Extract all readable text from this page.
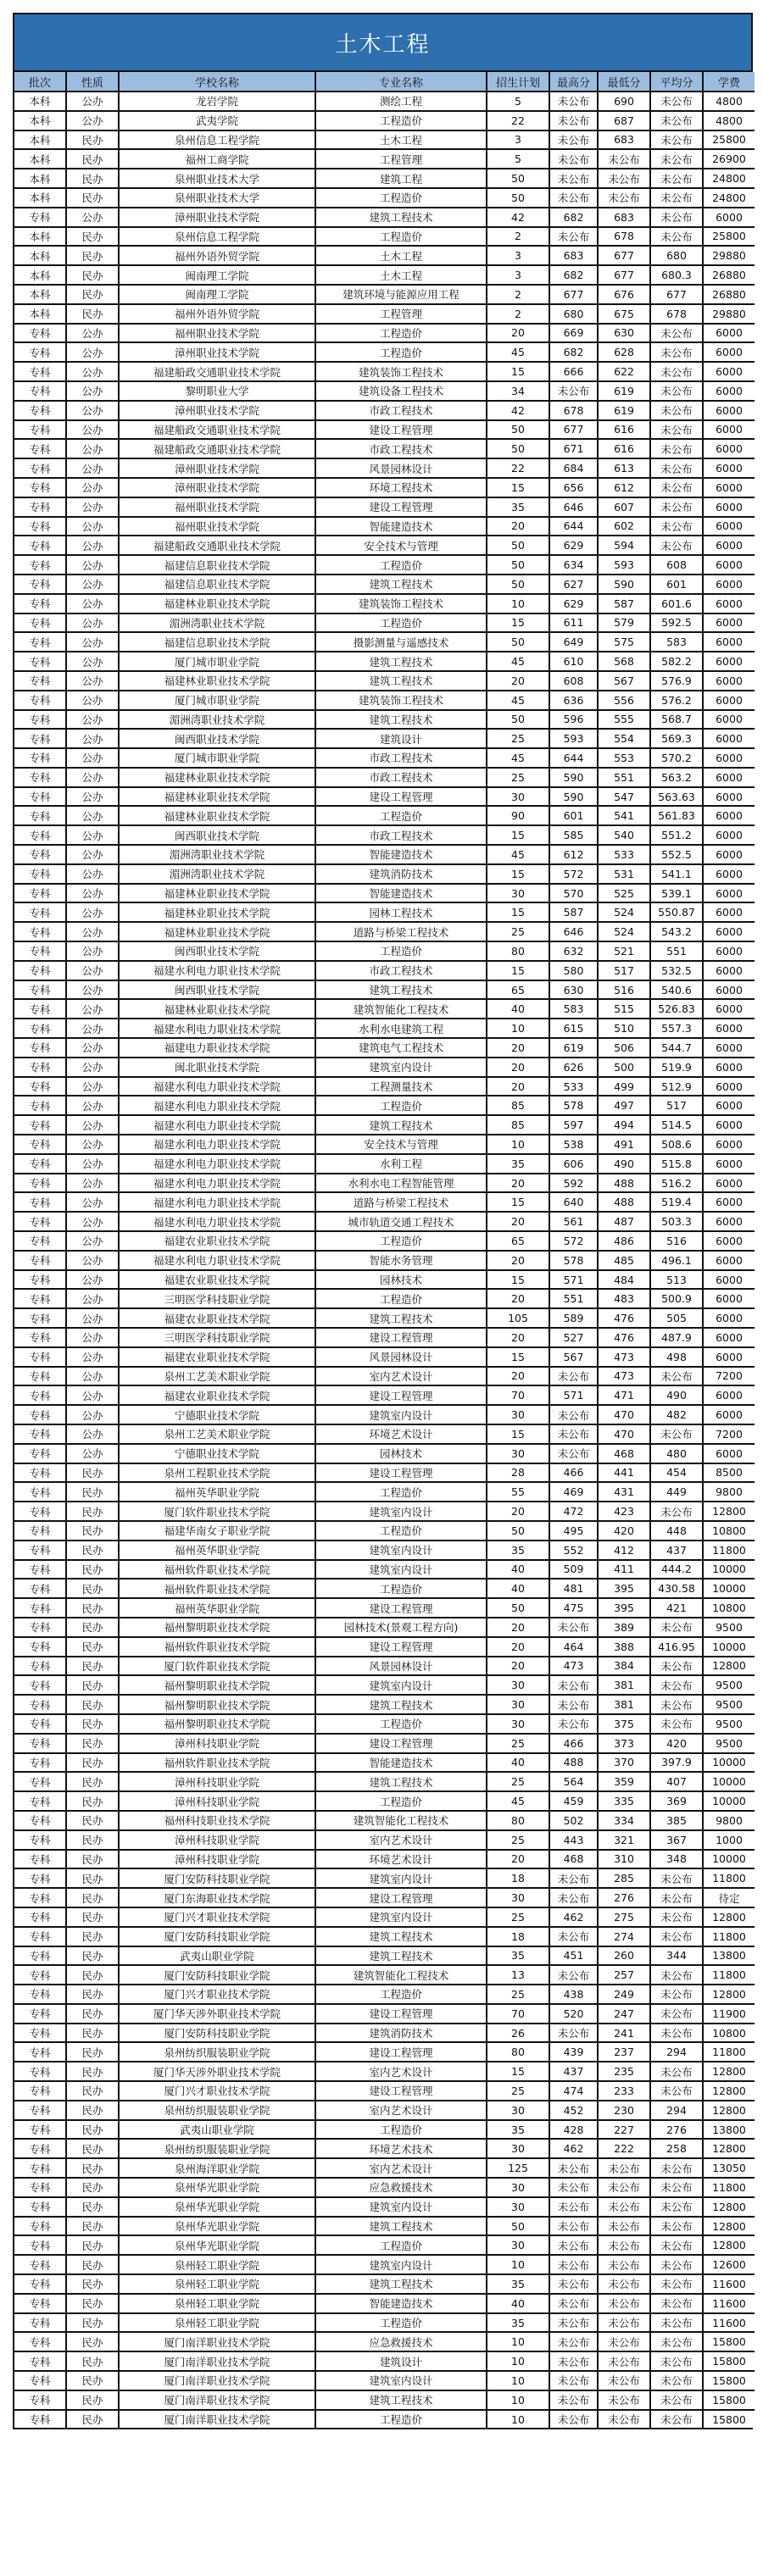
土木工程
批次	性质	学校名称	专业名称	招生计划	最高分	最低分	平均分	学费
本科	公办	龙岩学院	测绘工程	5	未公布	690	未公布	4800
本科	公办	武夷学院	工程造价	22	未公布	687	未公布	4800
本科	民办	泉州信息工程学院	土木工程	3	未公布	683	未公布	25800
本科	民办	福州工商学院	工程管理	5	未公布	未公布	未公布	26900
本科	民办	泉州职业技术大学	建筑工程	50	未公布	未公布	未公布	24800
本科	民办	泉州职业技术大学	工程造价	50	未公布	未公布	未公布	24800
专科	公办	漳州职业技术学院	建筑工程技术	42	682	683	未公布	6000
本科	民办	泉州信息工程学院	工程造价	2	未公布	678	未公布	25800
本科	民办	福州外语外贸学院	土木工程	3	683	677	680	29880
本科	民办	闽南理工学院	土木工程	3	682	677	680.3	26880
本科	民办	闽南理工学院	建筑环境与能源应用工程	2	677	676	677	26880
本科	民办	福州外语外贸学院	工程管理	2	680	675	678	29880
专科	公办	福州职业技术学院	工程造价	20	669	630	未公布	6000
专科	公办	漳州职业技术学院	工程造价	45	682	628	未公布	6000
专科	公办	福建船政交通职业技术学院	建筑装饰工程技术	15	666	622	未公布	6000
专科	公办	黎明职业大学	建筑设备工程技术	34	未公布	619	未公布	6000
专科	公办	漳州职业技术学院	市政工程技术	42	678	619	未公布	6000
专科	公办	福建船政交通职业技术学院	建设工程管理	50	677	616	未公布	6000
专科	公办	福建船政交通职业技术学院	市政工程技术	50	671	616	未公布	6000
专科	公办	漳州职业技术学院	风景园林设计	22	684	613	未公布	6000
专科	公办	漳州职业技术学院	环境工程技术	15	656	612	未公布	6000
专科	公办	福州职业技术学院	建设工程管理	35	646	607	未公布	6000
专科	公办	福州职业技术学院	智能建造技术	20	644	602	未公布	6000
专科	公办	福建船政交通职业技术学院	安全技术与管理	50	629	594	未公布	6000
专科	公办	福建信息职业技术学院	工程造价	50	634	593	608	6000
专科	公办	福建信息职业技术学院	建筑工程技术	50	627	590	601	6000
专科	公办	福建林业职业技术学院	建筑装饰工程技术	10	629	587	601.6	6000
专科	公办	湄洲湾职业技术学院	工程造价	15	611	579	592.5	6000
专科	公办	福建信息职业技术学院	摄影测量与遥感技术	50	649	575	583	6000
专科	公办	厦门城市职业学院	建筑工程技术	45	610	568	582.2	6000
专科	公办	福建林业职业技术学院	建筑工程技术	20	608	567	576.9	6000
专科	公办	厦门城市职业学院	建筑装饰工程技术	45	636	556	576.2	6000
专科	公办	湄洲湾职业技术学院	建筑工程技术	50	596	555	568.7	6000
专科	公办	闽西职业技术学院	建筑设计	25	593	554	569.3	6000
专科	公办	厦门城市职业学院	市政工程技术	45	644	553	570.2	6000
专科	公办	福建林业职业技术学院	市政工程技术	25	590	551	563.2	6000
专科	公办	福建林业职业技术学院	建设工程管理	30	590	547	563.63	6000
专科	公办	福建林业职业技术学院	工程造价	90	601	541	561.83	6000
专科	公办	闽西职业技术学院	市政工程技术	15	585	540	551.2	6000
专科	公办	湄洲湾职业技术学院	智能建造技术	45	612	533	552.5	6000
专科	公办	湄洲湾职业技术学院	建筑消防技术	15	572	531	541.1	6000
专科	公办	福建林业职业技术学院	智能建造技术	30	570	525	539.1	6000
专科	公办	福建林业职业技术学院	园林工程技术	15	587	524	550.87	6000
专科	公办	福建林业职业技术学院	道路与桥梁工程技术	25	646	524	543.2	6000
专科	公办	闽西职业技术学院	工程造价	80	632	521	551	6000
专科	公办	福建水利电力职业技术学院	市政工程技术	15	580	517	532.5	6000
专科	公办	闽西职业技术学院	建筑工程技术	65	630	516	540.6	6000
专科	公办	福建林业职业技术学院	建筑智能化工程技术	40	583	515	526.83	6000
专科	公办	福建水利电力职业技术学院	水利水电建筑工程	10	615	510	557.3	6000
专科	公办	福建电力职业技术学院	建筑电气工程技术	20	619	506	544.7	6000
专科	公办	闽北职业技术学院	建筑室内设计	20	626	500	519.9	6000
专科	公办	福建水利电力职业技术学院	工程测量技术	20	533	499	512.9	6000
专科	公办	福建水利电力职业技术学院	工程造价	85	578	497	517	6000
专科	公办	福建水利电力职业技术学院	建筑工程技术	85	597	494	514.5	6000
专科	公办	福建水利电力职业技术学院	安全技术与管理	10	538	491	508.6	6000
专科	公办	福建水利电力职业技术学院	水利工程	35	606	490	515.8	6000
专科	公办	福建水利电力职业技术学院	水利水电工程智能管理	20	592	488	516.2	6000
专科	公办	福建水利电力职业技术学院	道路与桥梁工程技术	15	640	488	519.4	6000
专科	公办	福建水利电力职业技术学院	城市轨道交通工程技术	20	561	487	503.3	6000
专科	公办	福建农业职业技术学院	工程造价	65	572	486	516	6000
专科	公办	福建水利电力职业技术学院	智能水务管理	20	578	485	496.1	6000
专科	公办	福建农业职业技术学院	园林技术	15	571	484	513	6000
专科	公办	三明医学科技职业学院	工程造价	20	551	483	500.9	6000
专科	公办	福建农业职业技术学院	建筑工程技术	105	589	476	505	6000
专科	公办	三明医学科技职业学院	建设工程管理	20	527	476	487.9	6000
专科	公办	福建农业职业技术学院	风景园林设计	15	567	473	498	6000
专科	公办	泉州工艺美术职业学院	室内艺术设计	20	未公布	473	未公布	7200
专科	公办	福建农业职业技术学院	建设工程管理	70	571	471	490	6000
专科	公办	宁德职业技术学院	建筑室内设计	30	未公布	470	482	6000
专科	公办	泉州工艺美术职业学院	环境艺术设计	15	未公布	470	未公布	7200
专科	公办	宁德职业技术学院	园林技术	30	未公布	468	480	6000
专科	民办	泉州工程职业技术学院	建设工程管理	28	466	441	454	8500
专科	民办	福州英华职业学院	工程造价	55	469	431	449	9800
专科	民办	厦门软件职业技术学院	建筑室内设计	20	472	423	未公布	12800
专科	民办	福建华南女子职业学院	工程造价	50	495	420	448	10800
专科	民办	福州英华职业学院	建筑室内设计	35	552	412	437	11800
专科	民办	福州软件职业技术学院	建筑室内设计	40	509	411	444.2	10000
专科	民办	福州软件职业技术学院	工程造价	40	481	395	430.58	10000
专科	民办	福州英华职业学院	建设工程管理	50	475	395	421	10800
专科	民办	福州黎明职业技术学院	园林技术(景观工程方向)	20	未公布	389	未公布	9500
专科	民办	福州软件职业技术学院	建设工程管理	20	464	388	416.95	10000
专科	民办	厦门软件职业技术学院	风景园林设计	20	473	384	未公布	12800
专科	民办	福州黎明职业技术学院	建筑室内设计	30	未公布	381	未公布	9500
专科	民办	福州黎明职业技术学院	建筑工程技术	30	未公布	381	未公布	9500
专科	民办	福州黎明职业技术学院	工程造价	30	未公布	375	未公布	9500
专科	民办	漳州科技职业学院	建设工程管理	25	466	373	420	9500
专科	民办	福州软件职业技术学院	智能建造技术	40	488	370	397.9	10000
专科	民办	漳州科技职业学院	建筑工程技术	25	564	359	407	10000
专科	民办	漳州科技职业学院	工程造价	45	459	335	369	10000
专科	民办	福州科技职业技术学院	建筑智能化工程技术	80	502	334	385	9800
专科	民办	漳州科技职业学院	室内艺术设计	25	443	321	367	1000
专科	民办	漳州科技职业学院	环境艺术设计	20	468	310	348	10000
专科	民办	厦门安防科技职业学院	建筑室内设计	18	未公布	285	未公布	11800
专科	民办	厦门东海职业技术学院	建设工程管理	30	未公布	276	未公布	待定
专科	民办	厦门兴才职业技术学院	建筑室内设计	25	462	275	未公布	12800
专科	民办	厦门安防科技职业学院	建筑工程技术	18	未公布	274	未公布	11800
专科	民办	武夷山职业学院	建筑工程技术	35	451	260	344	13800
专科	民办	厦门安防科技职业学院	建筑智能化工程技术	13	未公布	257	未公布	11800
专科	民办	厦门兴才职业技术学院	工程造价	25	438	249	未公布	12800
专科	民办	厦门华天涉外职业技术学院	建设工程管理	70	520	247	未公布	11900
专科	民办	厦门安防科技职业学院	建筑消防技术	26	未公布	241	未公布	10800
专科	民办	泉州纺织服装职业学院	建设工程管理	80	439	237	294	11800
专科	民办	厦门华天涉外职业技术学院	室内艺术设计	15	437	235	未公布	12800
专科	民办	厦门兴才职业技术学院	建设工程管理	25	474	233	未公布	12800
专科	民办	泉州纺织服装职业学院	室内艺术设计	30	452	230	294	12800
专科	民办	武夷山职业学院	工程造价	35	428	227	276	13800
专科	民办	泉州纺织服装职业学院	环境艺术技术	30	462	222	258	12800
专科	民办	泉州海洋职业学院	室内艺术设计	125	未公布	未公布	未公布	13050
专科	民办	泉州华光职业学院	应急救援技术	30	未公布	未公布	未公布	11800
专科	民办	泉州华光职业学院	建筑室内设计	30	未公布	未公布	未公布	12800
专科	民办	泉州华光职业学院	建筑工程技术	50	未公布	未公布	未公布	12800
专科	民办	泉州华光职业学院	工程造价	30	未公布	未公布	未公布	12800
专科	民办	泉州轻工职业学院	建筑室内设计	10	未公布	未公布	未公布	12600
专科	民办	泉州轻工职业学院	建筑工程技术	35	未公布	未公布	未公布	11600
专科	民办	泉州轻工职业学院	智能建造技术	40	未公布	未公布	未公布	11600
专科	民办	泉州轻工职业学院	工程造价	35	未公布	未公布	未公布	11600
专科	民办	厦门南洋职业技术学院	应急救援技术	10	未公布	未公布	未公布	15800
专科	民办	厦门南洋职业技术学院	建筑设计	10	未公布	未公布	未公布	15800
专科	民办	厦门南洋职业技术学院	建筑室内设计	10	未公布	未公布	未公布	15800
专科	民办	厦门南洋职业技术学院	建筑工程技术	10	未公布	未公布	未公布	15800
专科	民办	厦门南洋职业技术学院	工程造价	10	未公布	未公布	未公布	15800
